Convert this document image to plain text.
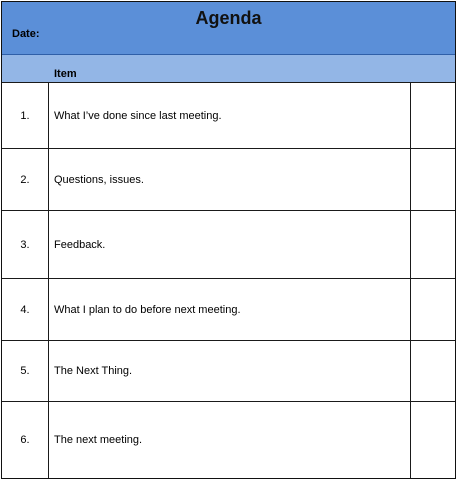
Agenda
Date:
Item
1.	What I’ve done since last meeting.
2.	Questions, issues.
3.	Feedback.
4.	What I plan to do before next meeting.
5.	The Next Thing.
6.	The next meeting.
